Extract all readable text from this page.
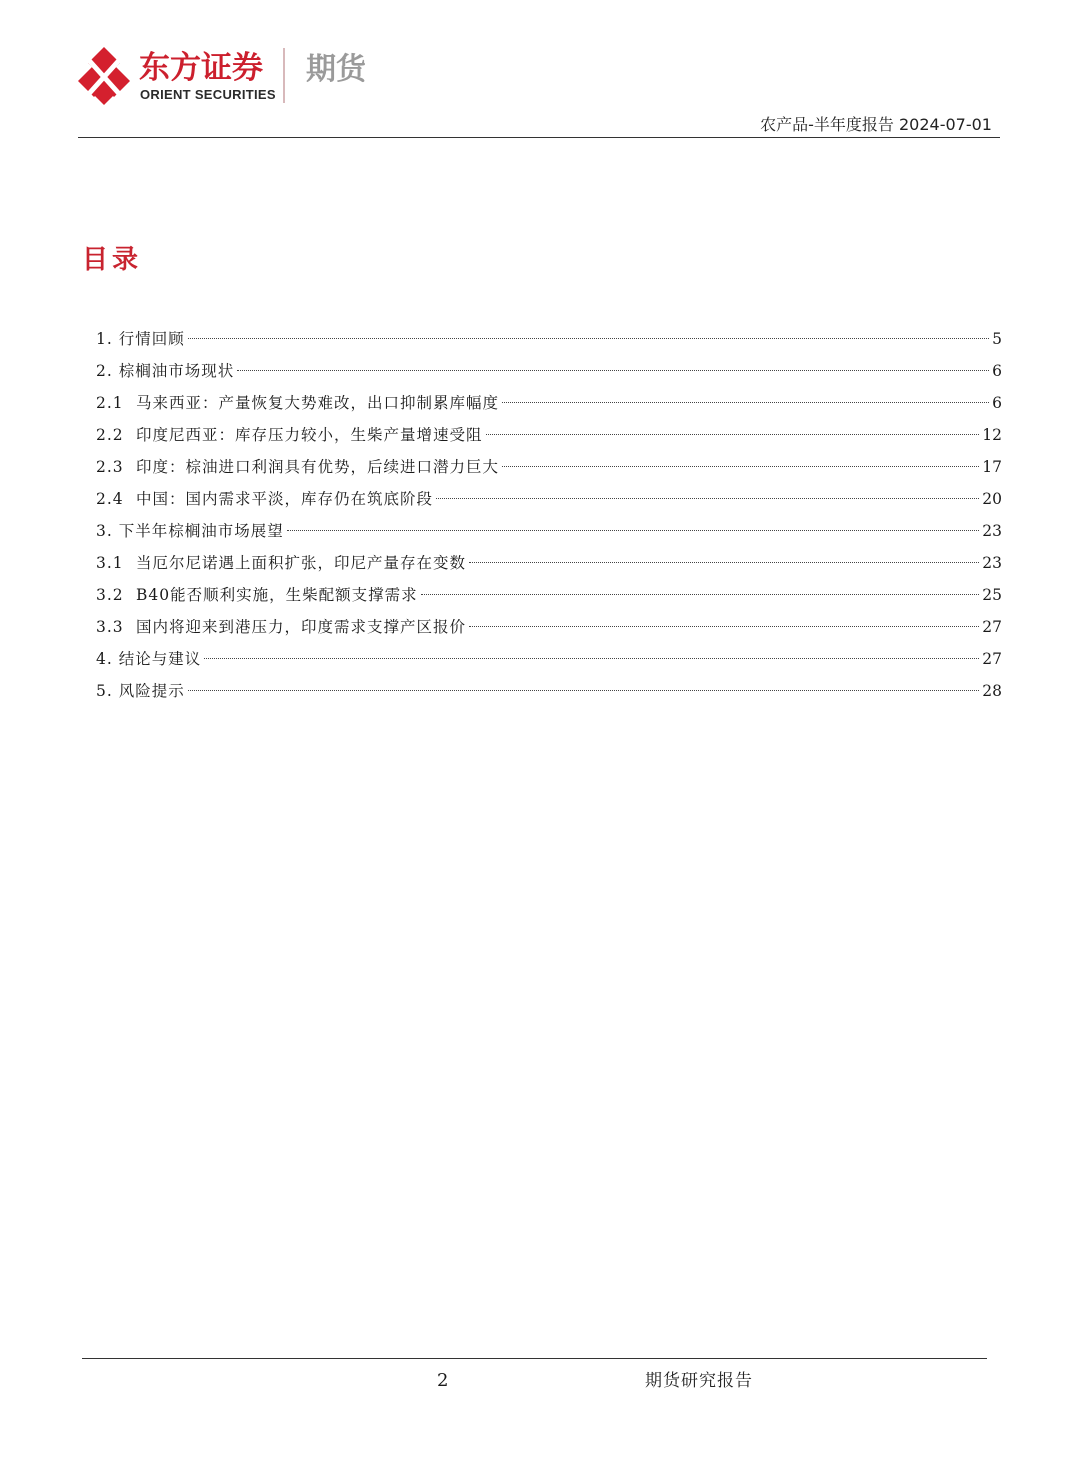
东方证券
ORIENT SECURITIES
期货
农产品-半年度报告 2024-07-01
目录
1. 行情回顾	5
2. 棕榈油市场现状	6
2.1 马来西亚：产量恢复大势难改，出口抑制累库幅度	6
2.2 印度尼西亚：库存压力较小，生柴产量增速受阻	12
2.3 印度：棕油进口利润具有优势，后续进口潜力巨大	17
2.4 中国：国内需求平淡，库存仍在筑底阶段	20
3. 下半年棕榈油市场展望	23
3.1 当厄尔尼诺遇上面积扩张，印尼产量存在变数	23
3.2 B40能否顺利实施，生柴配额支撑需求	25
3.3 国内将迎来到港压力，印度需求支撑产区报价	27
4. 结论与建议	27
5. 风险提示	28
2	期货研究报告
